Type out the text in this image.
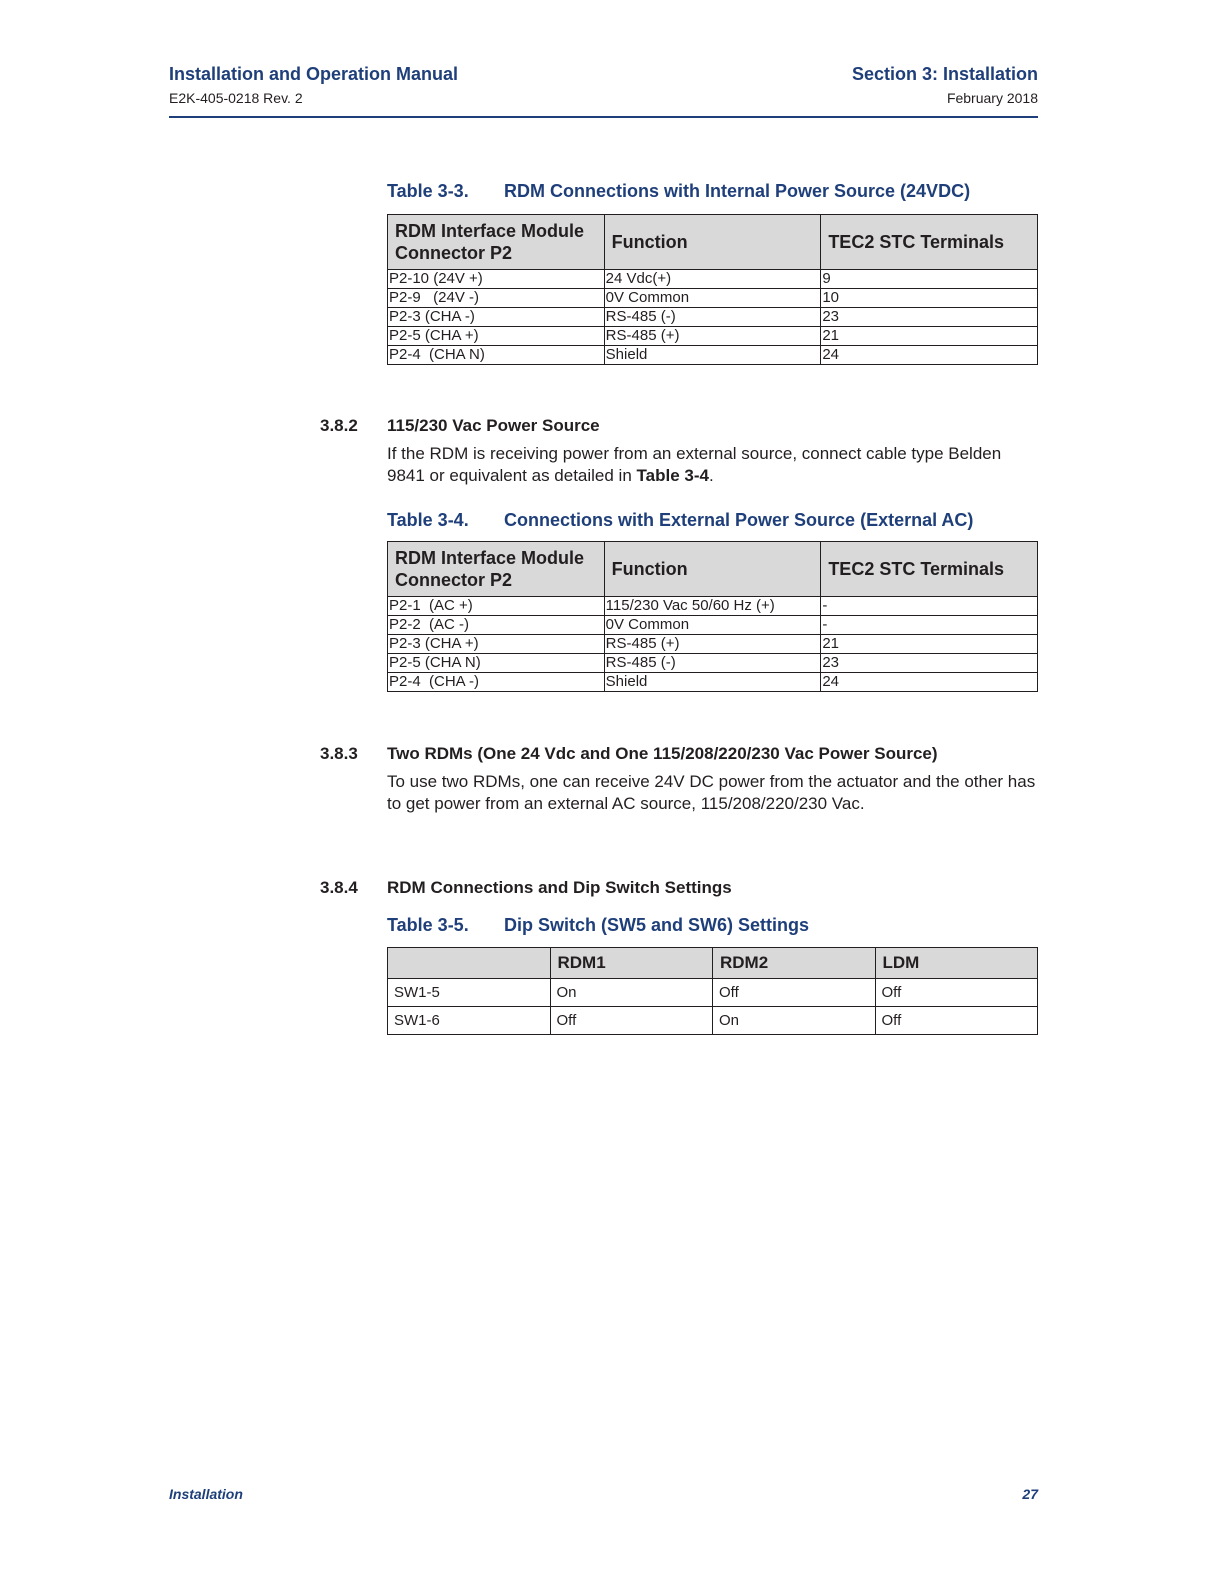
Installation and Operation Manual
E2K-405-0218 Rev. 2
Section 3: Installation
February 2018
Table 3-3. RDM Connections with Internal Power Source (24VDC)
RDM Interface Module Connector P2	Function	TEC2 STC Terminals
P2-10 (24V +)	24 Vdc(+)	9
P2-9   (24V -)	0V Common	10
P2-3 (CHA -)	RS-485 (-)	23
P2-5 (CHA +)	RS-485 (+)	21
P2-4  (CHA N)	Shield	24
3.8.2 115/230 Vac Power Source
If the RDM is receiving power from an external source, connect cable type Belden 9841 or equivalent as detailed in Table 3-4.
Table 3-4. Connections with External Power Source (External AC)
RDM Interface Module Connector P2	Function	TEC2 STC Terminals
P2-1  (AC +)	115/230 Vac 50/60 Hz (+)	-
P2-2  (AC -)	0V Common	-
P2-3 (CHA +)	RS-485 (+)	21
P2-5 (CHA N)	RS-485 (-)	23
P2-4  (CHA -)	Shield	24
3.8.3 Two RDMs (One 24 Vdc and One 115/208/220/230 Vac Power Source)
To use two RDMs, one can receive 24V DC power from the actuator and the other has to get power from an external AC source, 115/208/220/230 Vac.
3.8.4 RDM Connections and Dip Switch Settings
Table 3-5. Dip Switch (SW5 and SW6) Settings
	RDM1	RDM2	LDM
SW1-5	On	Off	Off
SW1-6	Off	On	Off
Installation	27
